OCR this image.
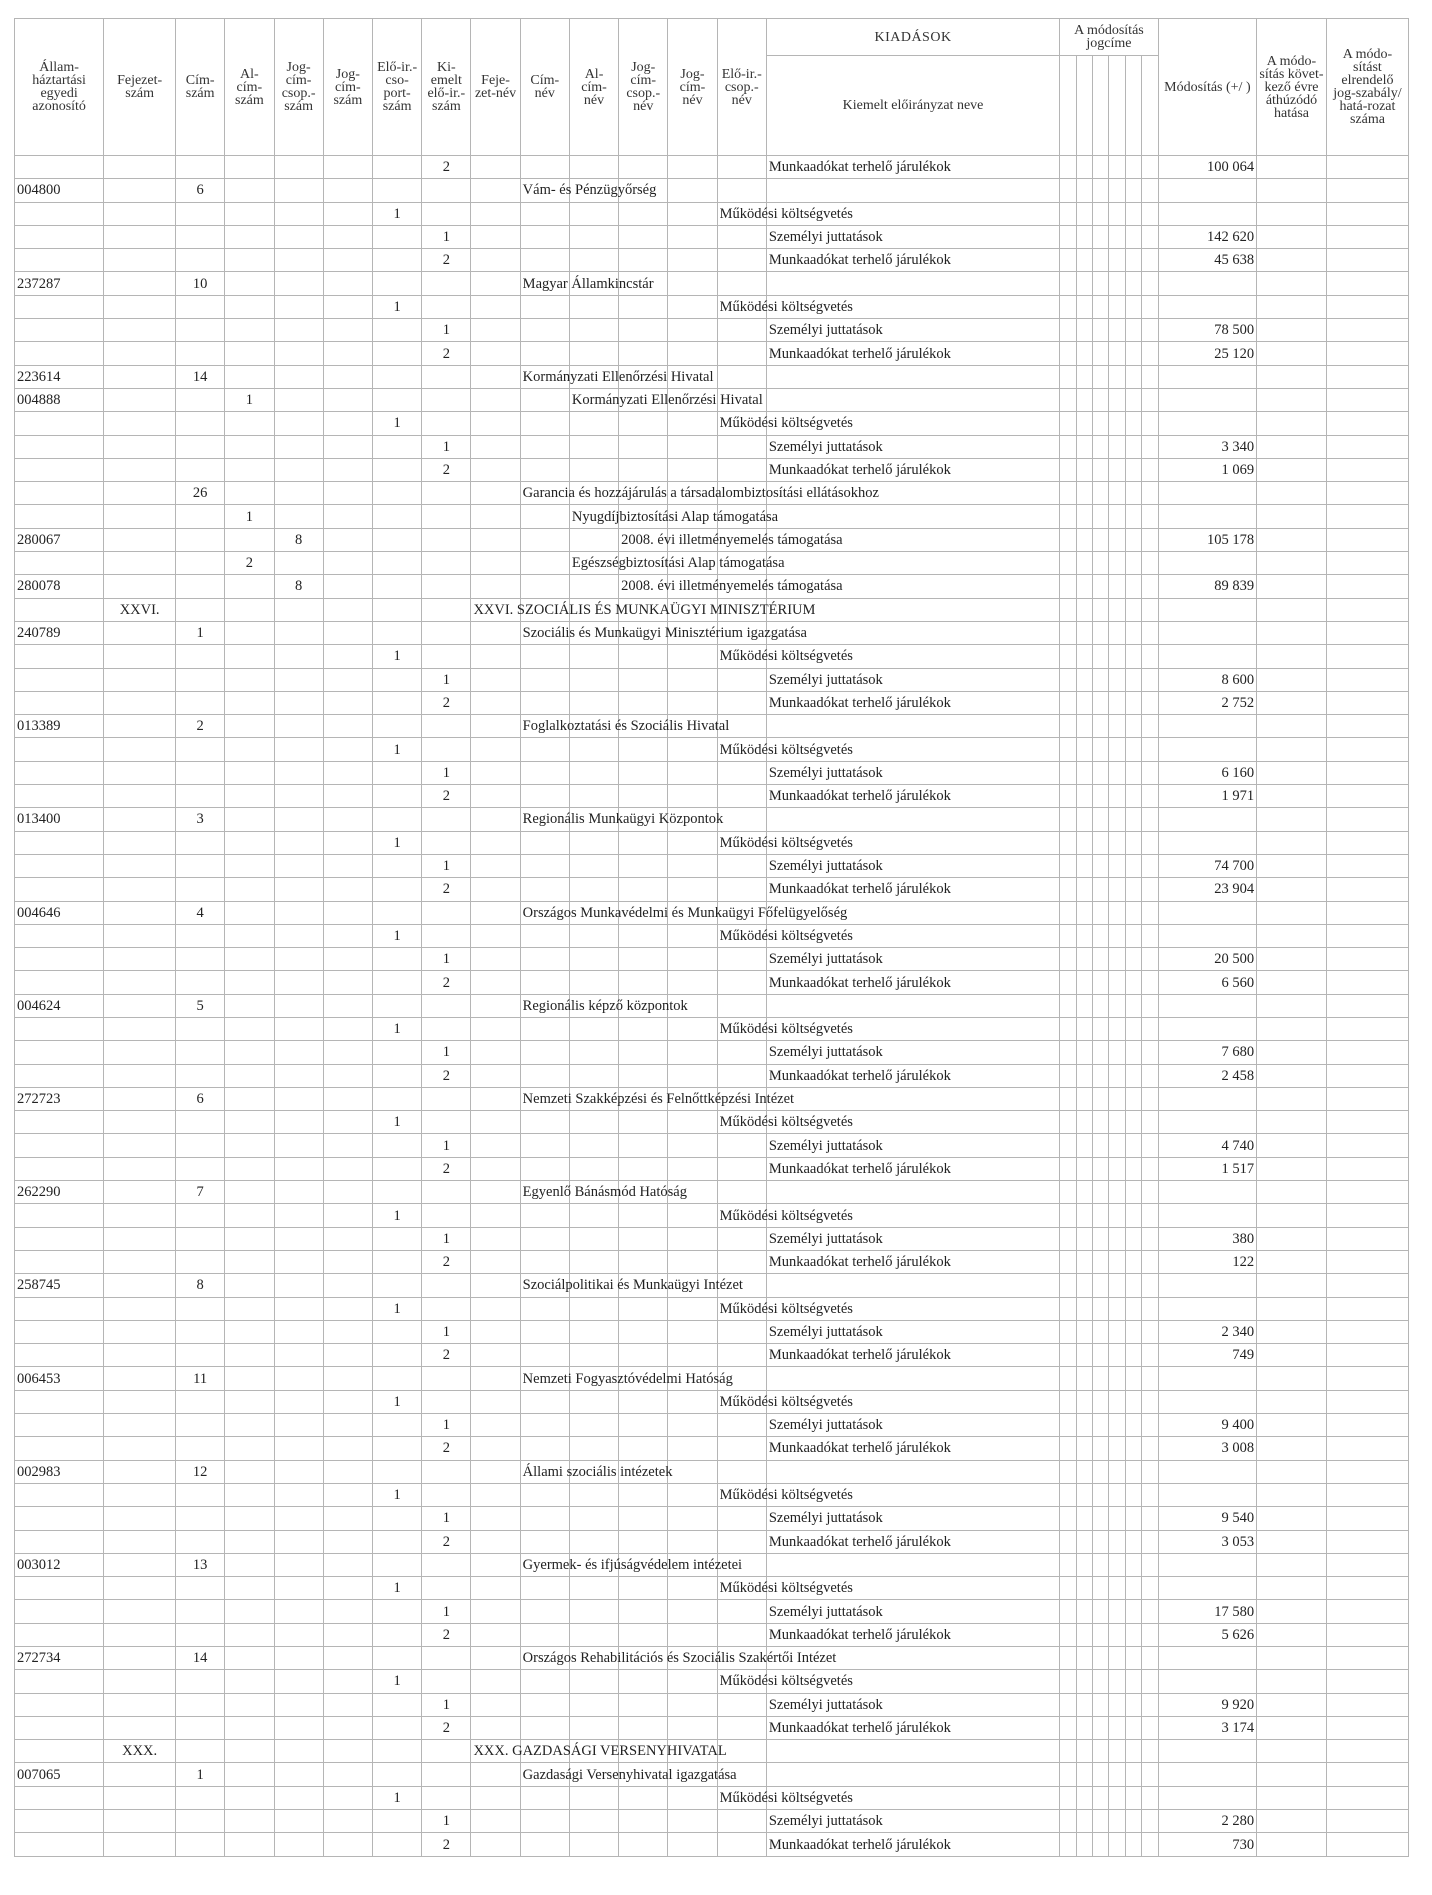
Állam-háztartási egyedi azonosító	Fejezet-szám	Cím-szám	Al-cím-szám	Jog-cím-csop.-szám	Jog-cím-szám	Elő-ir.-cso-port-szám	Ki-emelt elő-ir.-szám	Feje-zet-név	Cím-név	Al-cím-név	Jog-cím-csop.-név	Jog-cím-név	Elő-ir.-csop.-név	KIADÁSOK	A módosítás jogcíme						Módosítás (+/ )	A módo-sítás követ-kező évre áthúzódó hatása	A módo-sítást elrendelő jog-szabály/ hatá-rozat száma
														Kiemelt előirányzat neve									
							2							Munkaadókat terhelő járulékok							100 064		
004800		6							Vám- és Pénzügyőrség														
						1							Működési költségvetés										
							1							Személyi juttatások							142 620		
							2							Munkaadókat terhelő járulékok							45 638		
237287		10							Magyar Államkincstár														
						1							Működési költségvetés										
							1							Személyi juttatások							78 500		
							2							Munkaadókat terhelő járulékok							25 120		
223614		14							Kormányzati Ellenőrzési Hivatal														
004888			1							Kormányzati Ellenőrzési Hivatal													
						1							Működési költségvetés										
							1							Személyi juttatások							3 340		
							2							Munkaadókat terhelő járulékok							1 069		
		26							Garancia és hozzájárulás a társadalombiztosítási ellátásokhoz														
			1							Nyugdíjbiztosítási Alap támogatása													
280067				8							2008. évi illetményemelés támogatása										105 178		
			2							Egészségbiztosítási Alap támogatása													
280078				8							2008. évi illetményemelés támogatása										89 839		
	XXVI.							XXVI. SZOCIÁLIS ÉS MUNKAÜGYI MINISZTÉRIUM															
240789		1							Szociális és Munkaügyi Minisztérium igazgatása														
						1							Működési költségvetés										
							1							Személyi juttatások							8 600		
							2							Munkaadókat terhelő járulékok							2 752		
013389		2							Foglalkoztatási és Szociális Hivatal														
						1							Működési költségvetés										
							1							Személyi juttatások							6 160		
							2							Munkaadókat terhelő járulékok							1 971		
013400		3							Regionális Munkaügyi Központok														
						1							Működési költségvetés										
							1							Személyi juttatások							74 700		
							2							Munkaadókat terhelő járulékok							23 904		
004646		4							Országos Munkavédelmi és Munkaügyi Főfelügyelőség														
						1							Működési költségvetés										
							1							Személyi juttatások							20 500		
							2							Munkaadókat terhelő járulékok							6 560		
004624		5							Regionális képző központok														
						1							Működési költségvetés										
							1							Személyi juttatások							7 680		
							2							Munkaadókat terhelő járulékok							2 458		
272723		6							Nemzeti Szakképzési és Felnőttképzési Intézet														
						1							Működési költségvetés										
							1							Személyi juttatások							4 740		
							2							Munkaadókat terhelő járulékok							1 517		
262290		7							Egyenlő Bánásmód Hatóság														
						1							Működési költségvetés										
							1							Személyi juttatások							380		
							2							Munkaadókat terhelő járulékok							122		
258745		8							Szociálpolitikai és Munkaügyi Intézet														
						1							Működési költségvetés										
							1							Személyi juttatások							2 340		
							2							Munkaadókat terhelő járulékok							749		
006453		11							Nemzeti Fogyasztóvédelmi Hatóság														
						1							Működési költségvetés										
							1							Személyi juttatások							9 400		
							2							Munkaadókat terhelő járulékok							3 008		
002983		12							Állami szociális intézetek														
						1							Működési költségvetés										
							1							Személyi juttatások							9 540		
							2							Munkaadókat terhelő járulékok							3 053		
003012		13							Gyermek- és ifjúságvédelem intézetei														
						1							Működési költségvetés										
							1							Személyi juttatások							17 580		
							2							Munkaadókat terhelő járulékok							5 626		
272734		14							Országos Rehabilitációs és Szociális Szakértői Intézet														
						1							Működési költségvetés										
							1							Személyi juttatások							9 920		
							2							Munkaadókat terhelő járulékok							3 174		
	XXX.							XXX. GAZDASÁGI VERSENYHIVATAL															
007065		1							Gazdasági Versenyhivatal igazgatása														
						1							Működési költségvetés										
							1							Személyi juttatások							2 280		
							2							Munkaadókat terhelő járulékok							730		
